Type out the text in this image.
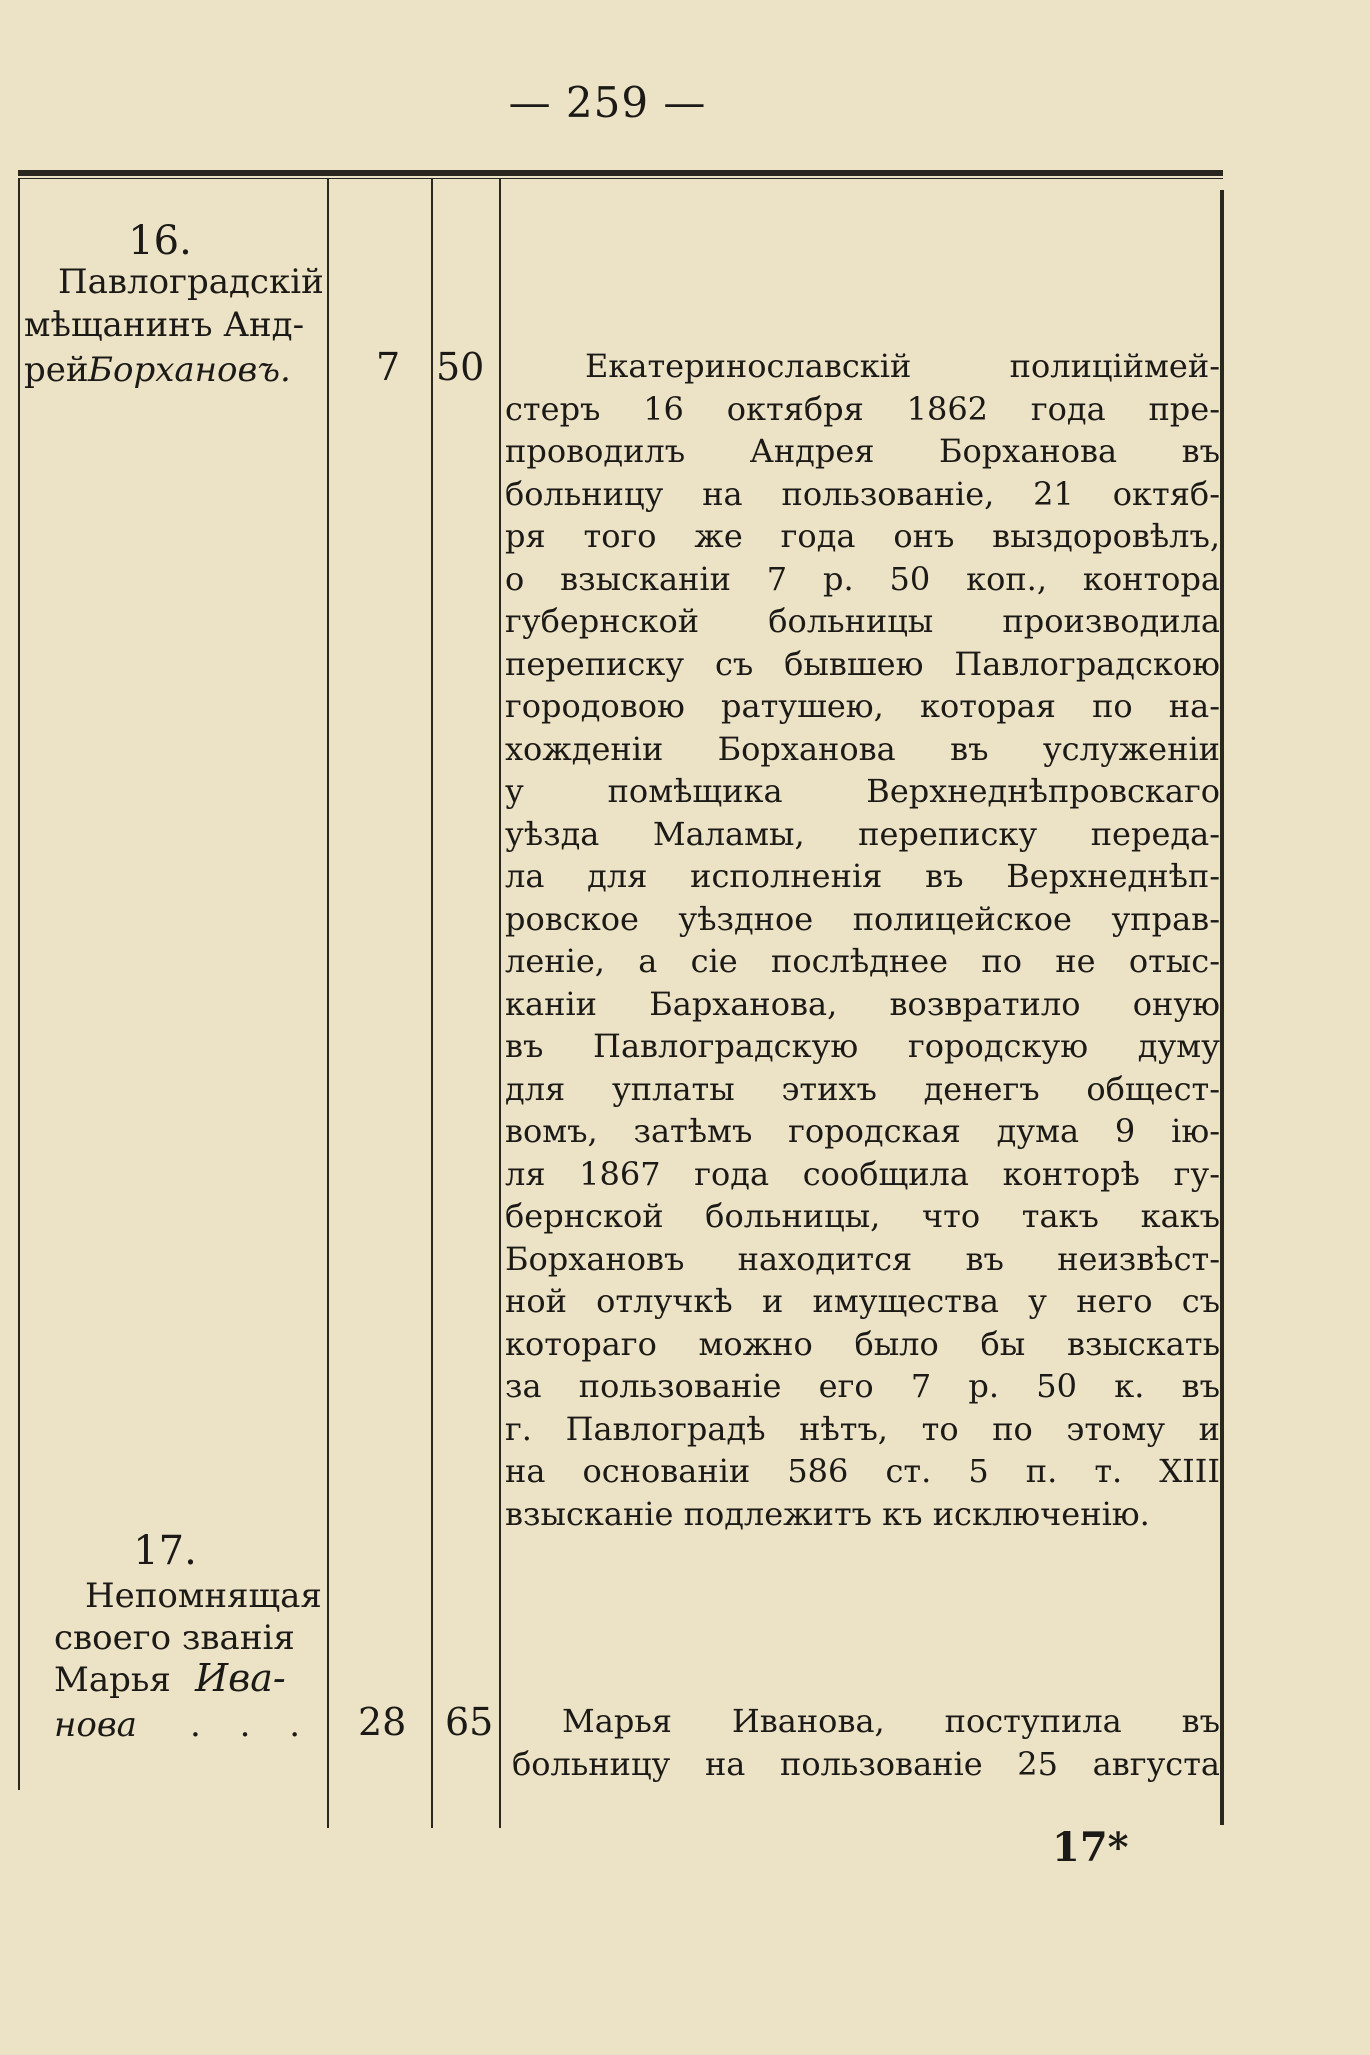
— 259 —
16.
Павлоградскій
мѣщанинъ Анд-
рей Борхановъ. 7 50	Екатеринославскій полиціймей-
стеръ 16 октября 1862 года пре-
проводилъ Андрея Борханова въ
больницу на пользованіе, 21 октяб-
ря того же года онъ выздоровѣлъ,
о взысканіи 7 р. 50 коп., контора
губернской больницы производила
переписку съ бывшею Павлоградскою
городовою ратушею, которая по на-
хожденіи Борханова въ услуженіи
у помѣщика Верхнеднѣпровскаго
уѣзда Маламы, переписку переда-
ла для исполненія въ Верхнеднѣп-
ровское уѣздное полицейское управ-
леніе, а сіе послѣднее по не отыс-
каніи Барханова, возвратило оную
въ Павлоградскую городскую думу
для уплаты этихъ денегъ общест-
вомъ, затѣмъ городская дума 9 ію-
ля 1867 года сообщила конторѣ гу-
бернской больницы, что такъ какъ
Борхановъ находится въ неизвѣст-
ной отлучкѣ и имущества у него съ
котораго можно было бы взыскать
за пользованіе его 7 р. 50 к. въ
г. Павлоградѣ нѣтъ, то по этому и
на основаніи 586 ст. 5 п. т. XIII
взысканіе подлежитъ къ исключенію.
17.
Непомнящая
своего званія
Марья Ива-
нова . . . 28 65	Марья Иванова, поступила въ
больницу на пользованіе 25 августа
17*
